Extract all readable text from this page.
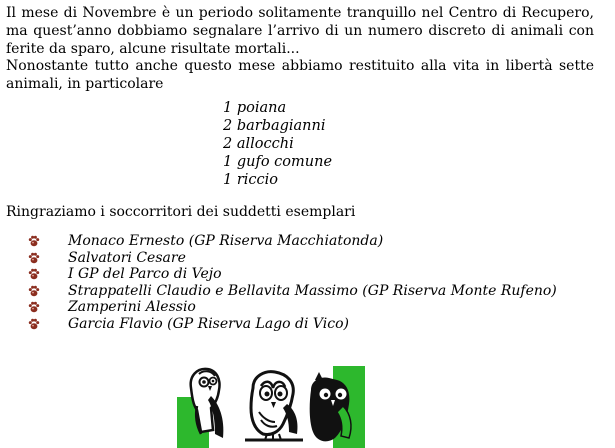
Il mese di Novembre è un periodo solitamente tranquillo nel Centro di Recupero, ma quest’anno dobbiamo segnalare l’arrivo di un numero discreto di animali con ferite da sparo, alcune risultate mortali...

Nonostante tutto anche questo mese abbiamo restituito alla vita in libertà sette animali, in particolare

1 poiana
2 barbagianni
2 allocchi
1 gufo comune
1 riccio

Ringraziamo i soccorritori dei suddetti esemplari

Monaco Ernesto (GP Riserva Macchiatonda)
Salvatori Cesare
I GP del Parco di Vejo
Strappatelli Claudio e Bellavita Massimo (GP Riserva Monte Rufeno)
Zamperini Alessio
Garcia Flavio (GP Riserva Lago di Vico)
